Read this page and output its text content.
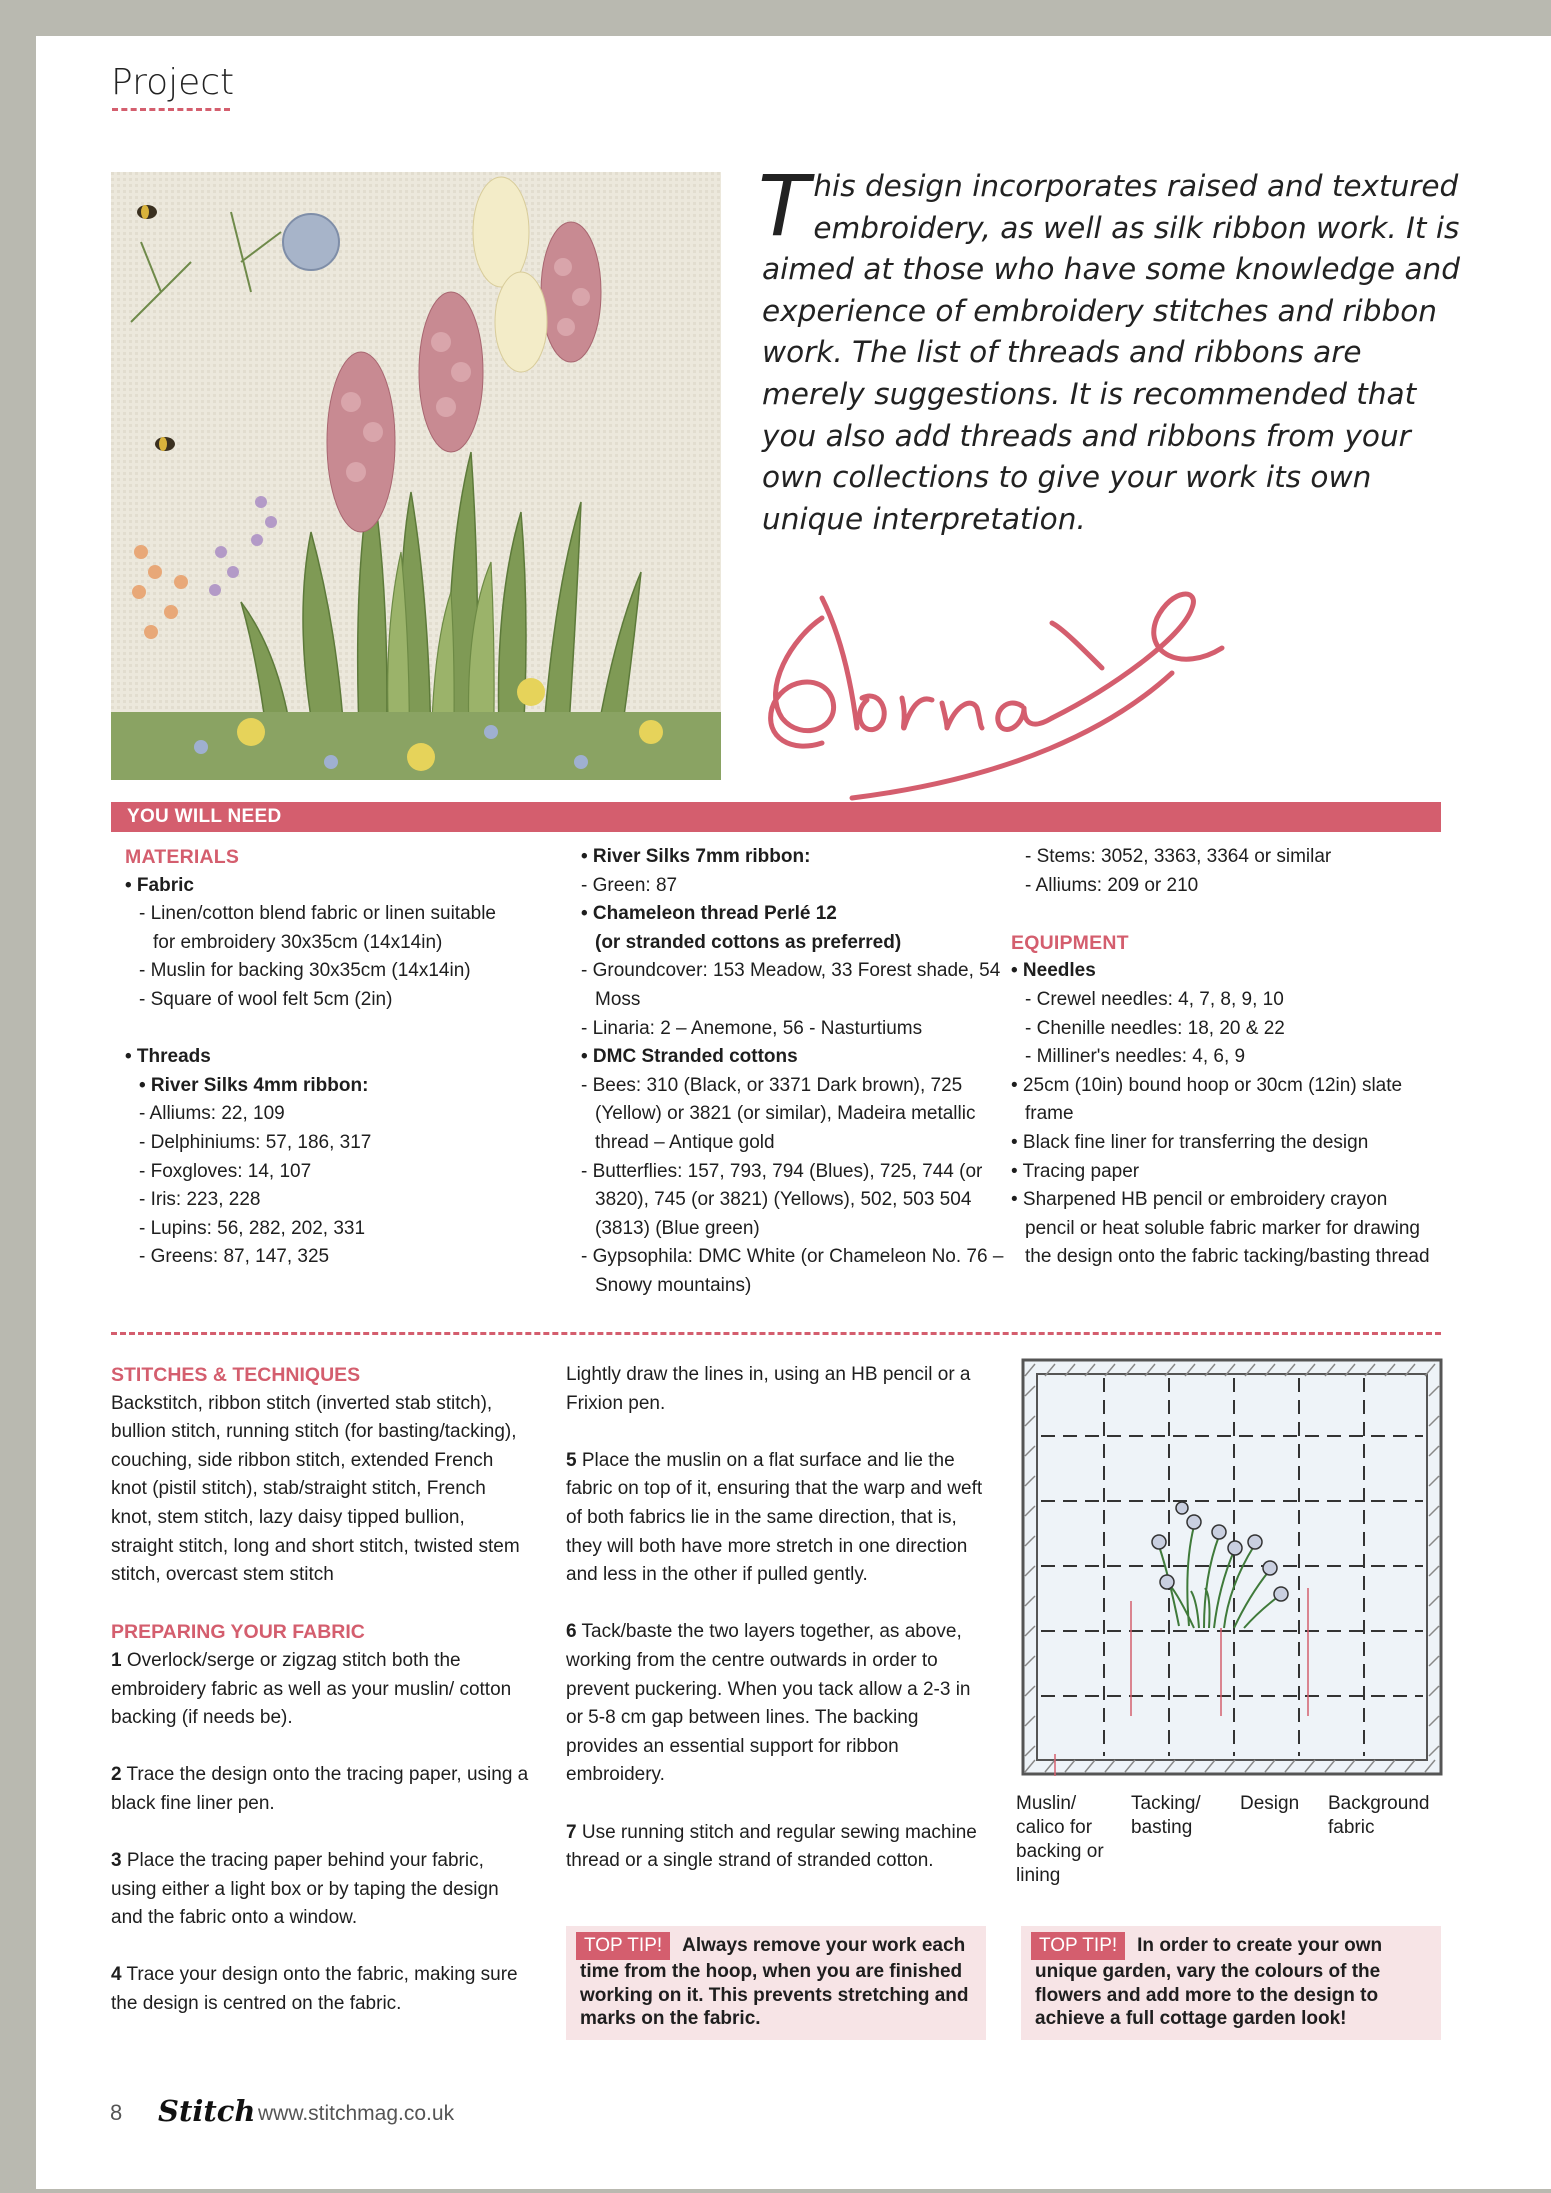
Project
This design incorporates raised and textured embroidery, as well as silk ribbon work. It is aimed at those who have some knowledge and experience of embroidery stitches and ribbon work. The list of threads and ribbons are merely suggestions. It is recommended that you also add threads and ribbons from your own collections to give your work its own unique interpretation.
YOU WILL NEED
MATERIALS
• Fabric
- Linen/cotton blend fabric or linen suitable for embroidery 30x35cm (14x14in)
- Muslin for backing 30x35cm (14x14in)
- Square of wool felt 5cm (2in)
• Threads
• River Silks 4mm ribbon:
- Alliums: 22, 109
- Delphiniums: 57, 186, 317
- Foxgloves: 14, 107
- Iris: 223, 228
- Lupins: 56, 282, 202, 331
- Greens: 87, 147, 325
• River Silks 7mm ribbon:
- Green: 87
• Chameleon thread Perlé 12
(or stranded cottons as preferred)
- Groundcover: 153 Meadow, 33 Forest shade, 54 Moss
- Linaria: 2 – Anemone, 56 - Nasturtiums
• DMC Stranded cottons
- Bees: 310 (Black, or 3371 Dark brown), 725 (Yellow) or 3821 (or similar), Madeira metallic thread – Antique gold
- Butterflies: 157, 793, 794 (Blues), 725, 744 (or 3820), 745 (or 3821) (Yellows), 502, 503 504 (3813) (Blue green)
- Gypsophila: DMC White (or Chameleon No. 76 – Snowy mountains)
- Stems: 3052, 3363, 3364 or similar
- Alliums: 209 or 210
EQUIPMENT
• Needles
- Crewel needles: 4, 7, 8, 9, 10
- Chenille needles: 18, 20 & 22
- Milliner's needles: 4, 6, 9
• 25cm (10in) bound hoop or 30cm (12in) slate frame
• Black fine liner for transferring the design
• Tracing paper
• Sharpened HB pencil or embroidery crayon pencil or heat soluble fabric marker for drawing the design onto the fabric tacking/basting thread
STITCHES & TECHNIQUES

Backstitch, ribbon stitch (inverted stab stitch), bullion stitch, running stitch (for basting/tacking), couching, side ribbon stitch, extended French knot (pistil stitch), stab/straight stitch, French knot, stem stitch, lazy daisy tipped bullion, straight stitch, long and short stitch, twisted stem stitch, overcast stem stitch

PREPARING YOUR FABRIC

1 Overlock/serge or zigzag stitch both the embroidery fabric as well as your muslin/ cotton backing (if needs be).

2 Trace the design onto the tracing paper, using a black fine liner pen.

3 Place the tracing paper behind your fabric, using either a light box or by taping the design and the fabric onto a window.

4 Trace your design onto the fabric, making sure the design is centred on the fabric.

Lightly draw the lines in, using an HB pencil or a Frixion pen.

5 Place the muslin on a flat surface and lie the fabric on top of it, ensuring that the warp and weft of both fabrics lie in the same direction, that is, they will both have more stretch in one direction and less in the other if pulled gently.

6 Tack/baste the two layers together, as above, working from the centre outwards in order to prevent puckering. When you tack allow a 2-3 in or 5-8 cm gap between lines. The backing provides an essential support for ribbon embroidery.

7 Use running stitch and regular sewing machine thread or a single strand of stranded cotton.

TOP TIP! Always remove your work each time from the hoop, when you are finished working on it. This prevents stretching and marks on the fabric.
TOP TIP! In order to create your own unique garden, vary the colours of the flowers and add more to the design to achieve a full cottage garden look!
Muslin/ calico for backing or lining
Tacking/ basting
Design	Background fabric
8 Stitch www.stitchmag.co.uk
